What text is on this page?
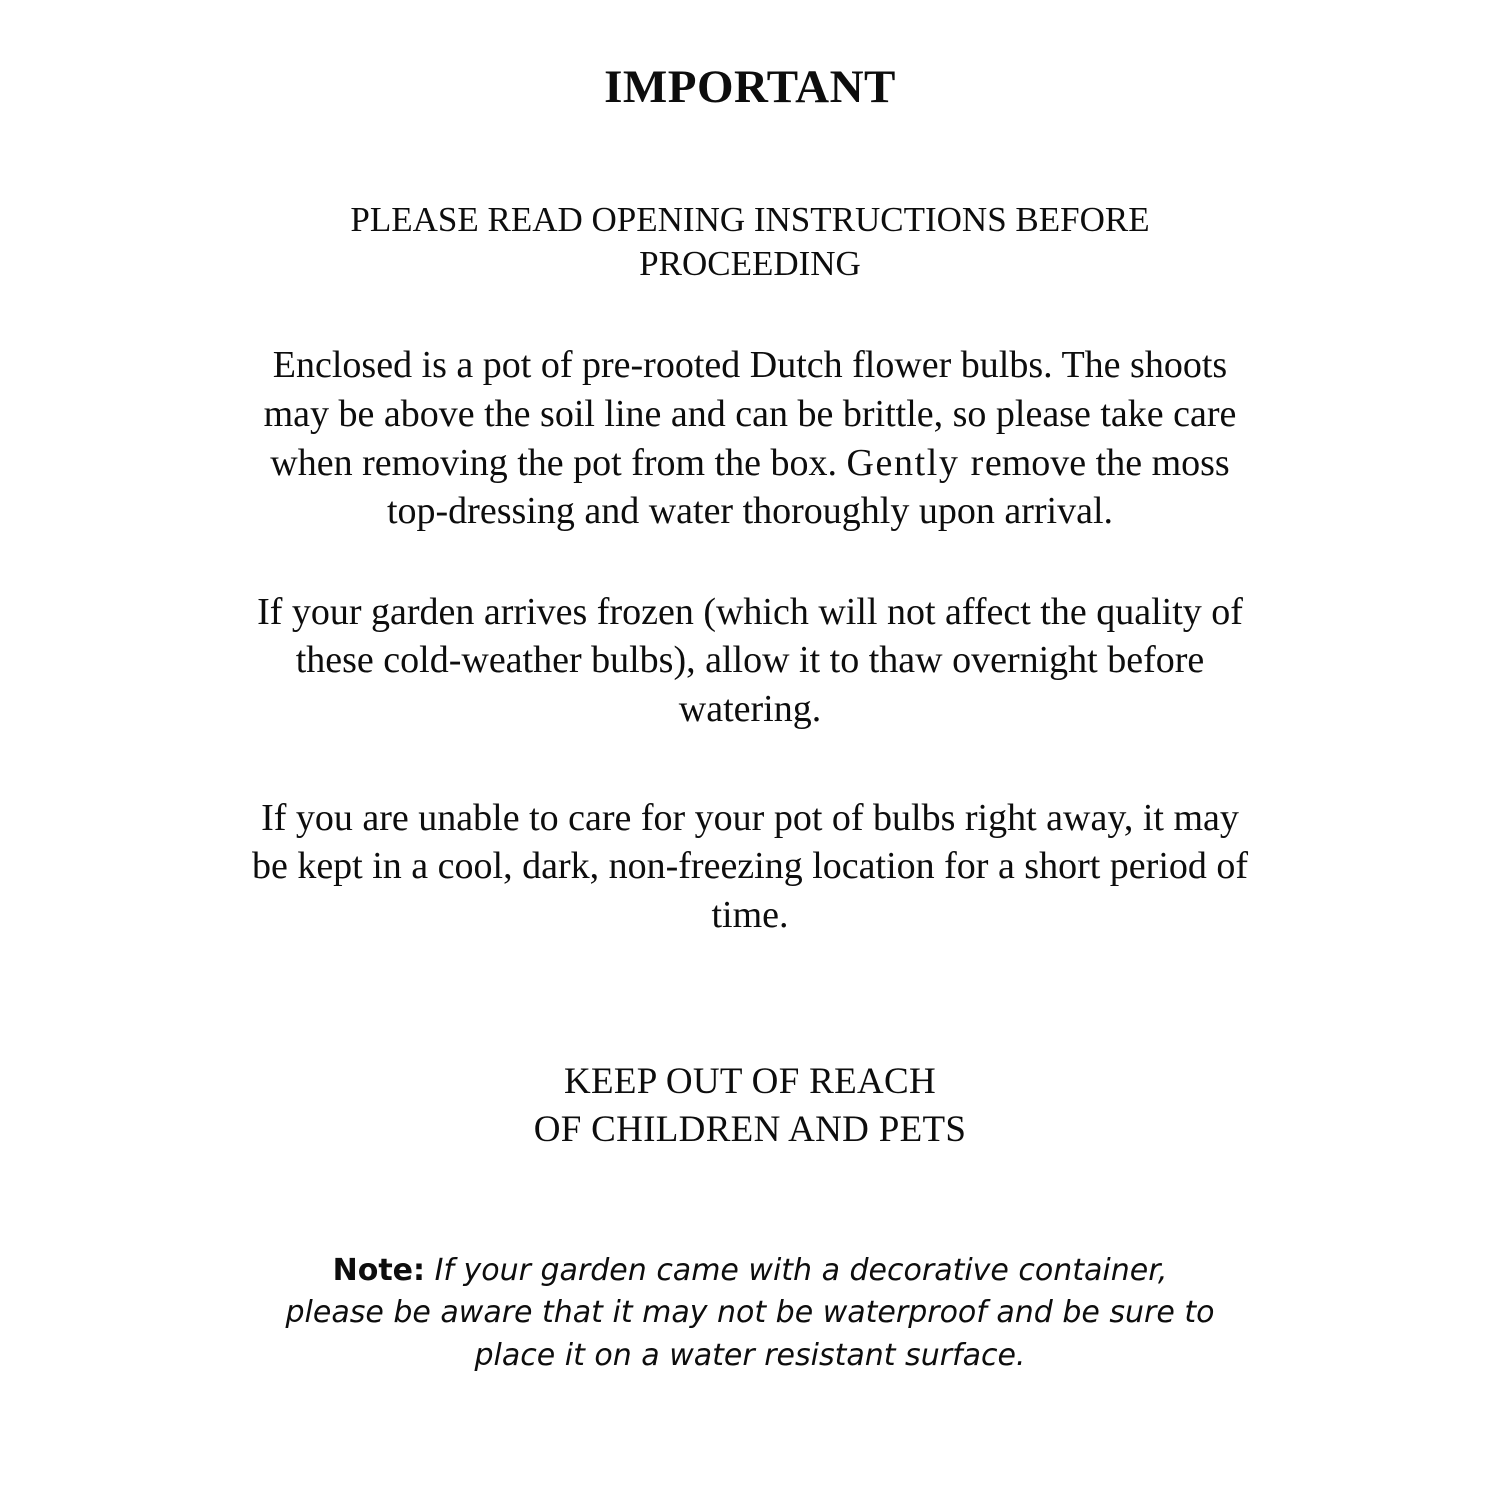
IMPORTANT

PLEASE READ OPENING INSTRUCTIONS BEFORE PROCEEDING

Enclosed is a pot of pre-rooted Dutch flower bulbs. The shoots may be above the soil line and can be brittle, so please take care when removing the pot from the box. Gently remove the moss top-dressing and water thoroughly upon arrival.

If your garden arrives frozen (which will not affect the quality of these cold-weather bulbs), allow it to thaw overnight before watering.

If you are unable to care for your pot of bulbs right away, it may be kept in a cool, dark, non-freezing location for a short period of time.

KEEP OUT OF REACH
OF CHILDREN AND PETS

Note: If your garden came with a decorative container, please be aware that it may not be waterproof and be sure to place it on a water resistant surface.
